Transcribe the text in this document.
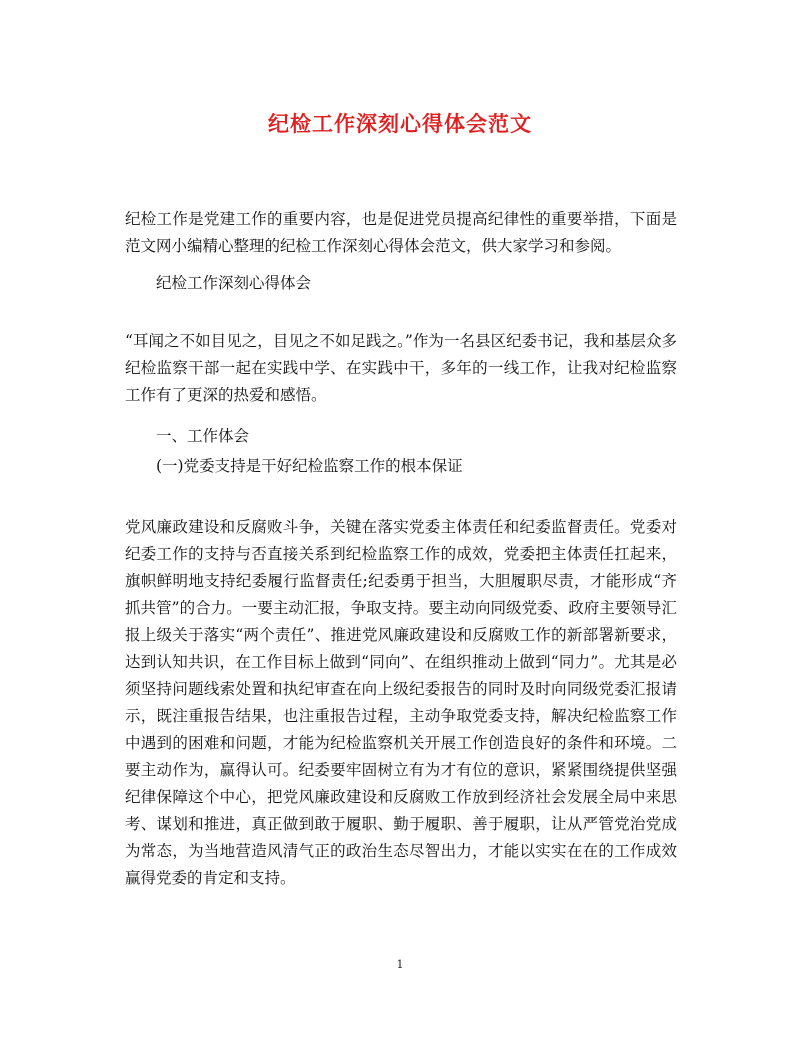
纪检工作深刻心得体会范文

纪检工作是党建工作的重要内容，也是促进党员提高纪律性的重要举措，下面是范文网小编精心整理的纪检工作深刻心得体会范文，供大家学习和参阅。

纪检工作深刻心得体会

“耳闻之不如目见之，目见之不如足践之。”作为一名县区纪委书记，我和基层众多纪检监察干部一起在实践中学、在实践中干，多年的一线工作，让我对纪检监察工作有了更深的热爱和感悟。

一、工作体会

(一)党委支持是干好纪检监察工作的根本保证

党风廉政建设和反腐败斗争，关键在落实党委主体责任和纪委监督责任。党委对纪委工作的支持与否直接关系到纪检监察工作的成效，党委把主体责任扛起来，旗帜鲜明地支持纪委履行监督责任;纪委勇于担当，大胆履职尽责，才能形成“齐抓共管”的合力。一要主动汇报，争取支持。要主动向同级党委、政府主要领导汇报上级关于落实“两个责任”、推进党风廉政建设和反腐败工作的新部署新要求，达到认知共识，在工作目标上做到“同向”、在组织推动上做到“同力”。尤其是必须坚持问题线索处置和执纪审查在向上级纪委报告的同时及时向同级党委汇报请示，既注重报告结果，也注重报告过程，主动争取党委支持，解决纪检监察工作中遇到的困难和问题，才能为纪检监察机关开展工作创造良好的条件和环境。二要主动作为，赢得认可。纪委要牢固树立有为才有位的意识，紧紧围绕提供坚强纪律保障这个中心，把党风廉政建设和反腐败工作放到经济社会发展全局中来思考、谋划和推进，真正做到敢于履职、勤于履职、善于履职，让从严管党治党成为常态，为当地营造风清气正的政治生态尽智出力，才能以实实在在的工作成效赢得党委的肯定和支持。

1
